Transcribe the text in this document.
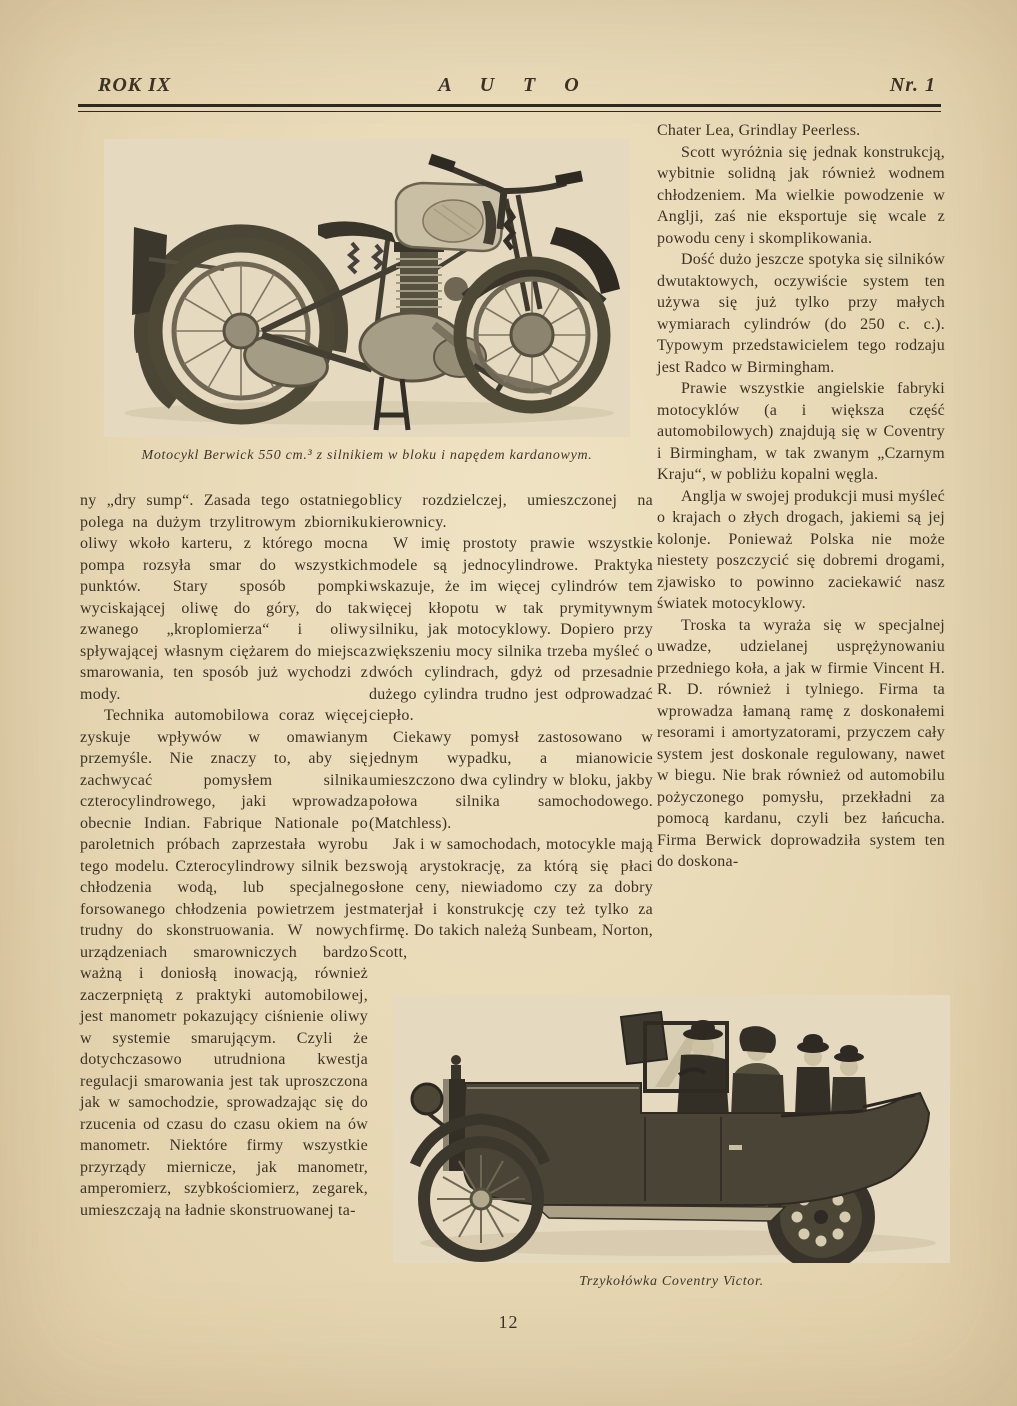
ROK IX	A U T O	Nr. 1
Motocykl Berwick 550 cm.³ z silnikiem w bloku i napędem kardanowym.

ny „dry sump“. Zasada tego ostatniego polega na dużym trzylitrowym zbiorniku oliwy wkoło karteru, z którego mocna pompa rozsyła smar do wszystkich punktów. Stary sposób pompki wyciskającej oliwę do góry, do tak zwanego „kroplomierza“ i oliwy spływającej własnym ciężarem do miejsca smarowania, ten sposób już wychodzi z mody.

Technika automobilowa coraz więcej zyskuje wpływów w omawianym przemyśle. Nie znaczy to, aby się zachwycać pomysłem silnika czterocylindrowego, jaki wprowadza obecnie Indian. Fabrique Nationale po paroletnich próbach zaprzestała wyrobu tego modelu. Czterocylindrowy silnik bez chłodzenia wodą, lub specjalnego forsowanego chłodzenia powietrzem jest trudny do skonstruowania. W nowych urządzeniach smarowniczych bardzo ważną i doniosłą inowacją, również zaczerpniętą z praktyki automobilowej, jest manometr pokazujący ciśnienie oliwy w systemie smarującym. Czyli że dotychczasowo utrudniona kwestja regulacji smarowania jest tak uproszczona jak w samochodzie, sprowadzając się do rzucenia od czasu do czasu okiem na ów manometr. Niektóre firmy wszystkie przyrządy miernicze, jak manometr, amperomierz, szybkościomierz, zegarek, umieszczają na ładnie skonstruowanej ta-

blicy rozdzielczej, umieszczonej na kierownicy.

W imię prostoty prawie wszystkie modele są jednocylindrowe. Praktyka wskazuje, że im więcej cylindrów tem więcej kłopotu w tak prymitywnym silniku, jak motocyklowy. Dopiero przy zwiększeniu mocy silnika trzeba myśleć o dwóch cylindrach, gdyż od przesadnie dużego cylindra trudno jest odprowadzać ciepło.

Ciekawy pomysł zastosowano w jednym wypadku, a mianowicie umieszczono dwa cylindry w bloku, jakby połowa silnika samochodowego. (Matchless).

Jak i w samochodach, motocykle mają swoją arystokrację, za którą się płaci słone ceny, niewiadomo czy za dobry materjał i konstrukcję czy też tylko za firmę. Do takich należą Sunbeam, Norton, Scott,

Chater Lea, Grindlay Peerless.

Scott wyróżnia się jednak konstrukcją, wybitnie solidną jak również wodnem chłodzeniem. Ma wielkie powodzenie w Anglji, zaś nie eksportuje się wcale z powodu ceny i skomplikowania.

Dość dużo jeszcze spotyka się silników dwutaktowych, oczywiście system ten używa się już tylko przy małych wymiarach cylindrów (do 250 c. c.). Typowym przedstawicielem tego rodzaju jest Radco w Birmingham.

Prawie wszystkie angielskie fabryki motocyklów (a i większa część automobilowych) znajdują się w Coventry i Birmingham, w tak zwanym „Czarnym Kraju“, w pobliżu kopalni węgla.

Anglja w swojej produkcji musi myśleć o krajach o złych drogach, jakiemi są jej kolonje. Ponieważ Polska nie może niestety poszczycić się dobremi drogami, zjawisko to powinno zaciekawić nasz światek motocyklowy.

Troska ta wyraża się w specjalnej uwadze, udzielanej usprężynowaniu przedniego koła, a jak w firmie Vincent H. R. D. również i tylniego. Firma ta wprowadza łamaną ramę z doskonałemi resorami i amortyzatorami, przyczem cały system jest doskonale regulowany, nawet w biegu. Nie brak również od automobilu pożyczonego pomysłu, przekładni za pomocą kardanu, czyli bez łańcucha. Firma Berwick doprowadziła system ten do doskona-

Trzykołówka Coventry Victor.
12
